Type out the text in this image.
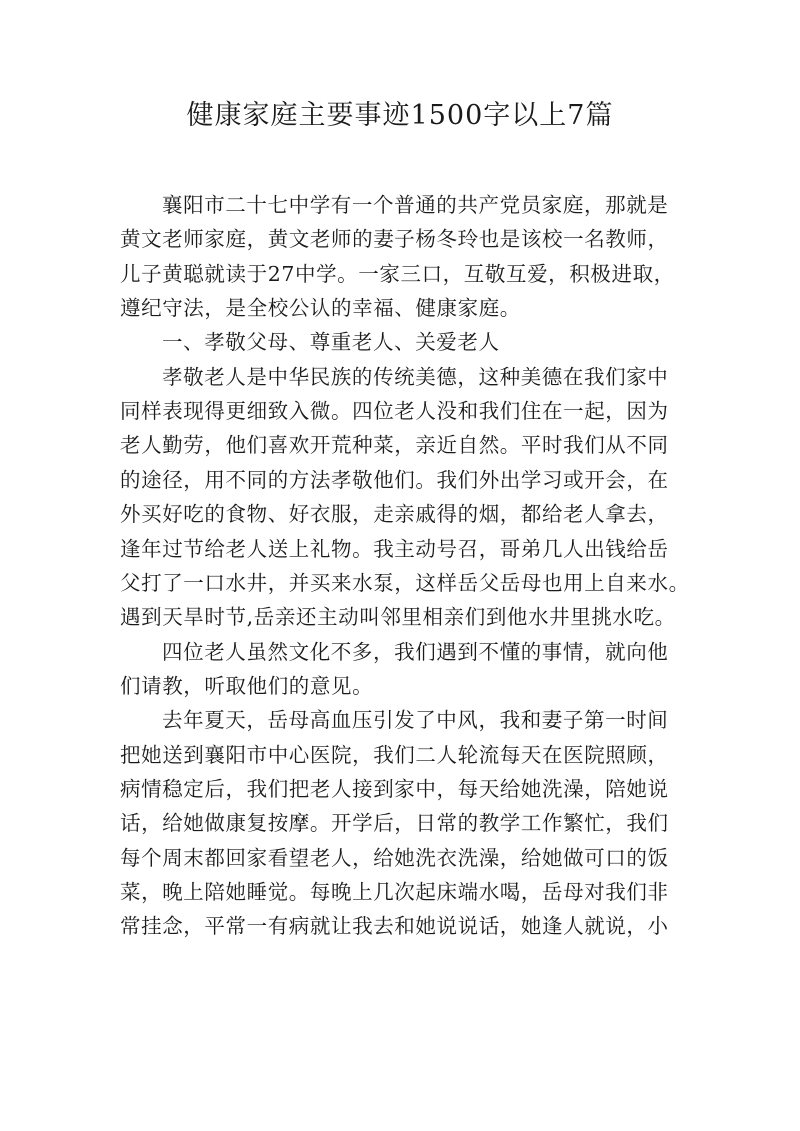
健康家庭主要事迹1500字以上7篇
襄阳市二十七中学有一个普通的共产党员家庭，那就是
黄文老师家庭，黄文老师的妻子杨冬玲也是该校一名教师，
儿子黄聪就读于27中学。一家三口，互敬互爱，积极进取，
遵纪守法，是全校公认的幸福、健康家庭。
一、孝敬父母、尊重老人、关爱老人
孝敬老人是中华民族的传统美德，这种美德在我们家中
同样表现得更细致入微。四位老人没和我们住在一起，因为
老人勤劳，他们喜欢开荒种菜，亲近自然。平时我们从不同
的途径，用不同的方法孝敬他们。我们外出学习或开会，在
外买好吃的食物、好衣服，走亲戚得的烟，都给老人拿去，
逢年过节给老人送上礼物。我主动号召，哥弟几人出钱给岳
父打了一口水井，并买来水泵，这样岳父岳母也用上自来水。
遇到天旱时节,岳亲还主动叫邻里相亲们到他水井里挑水吃。
四位老人虽然文化不多，我们遇到不懂的事情，就向他
们请教，听取他们的意见。
去年夏天，岳母高血压引发了中风，我和妻子第一时间
把她送到襄阳市中心医院，我们二人轮流每天在医院照顾，
病情稳定后，我们把老人接到家中，每天给她洗澡，陪她说
话，给她做康复按摩。开学后，日常的教学工作繁忙，我们
每个周末都回家看望老人，给她洗衣洗澡，给她做可口的饭
菜，晚上陪她睡觉。每晚上几次起床端水喝，岳母对我们非
常挂念，平常一有病就让我去和她说说话，她逢人就说，小
